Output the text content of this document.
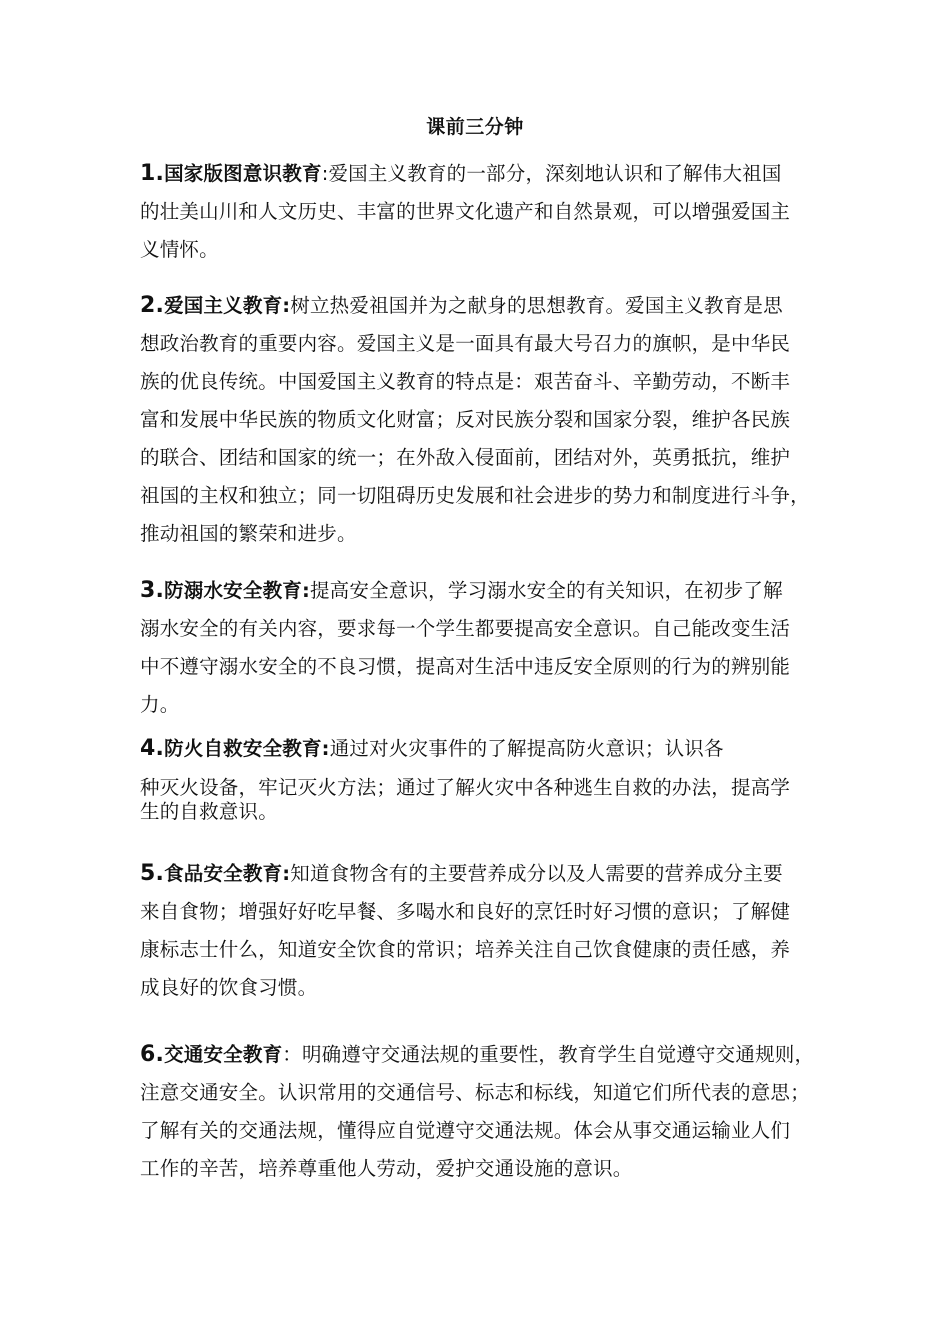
课前三分钟
1.国家版图意识教育:爱国主义教育的一部分，深刻地认识和了解伟大祖国
的壮美山川和人文历史、丰富的世界文化遗产和自然景观，可以增强爱国主
义情怀。
2.爱国主义教育:树立热爱祖国并为之献身的思想教育。爱国主义教育是思
想政治教育的重要内容。爱国主义是一面具有最大号召力的旗帜，是中华民
族的优良传统。中国爱国主义教育的特点是：艰苦奋斗、辛勤劳动，不断丰
富和发展中华民族的物质文化财富；反对民族分裂和国家分裂，维护各民族
的联合、团结和国家的统一；在外敌入侵面前，团结对外，英勇抵抗，维护
祖国的主权和独立；同一切阻碍历史发展和社会进步的势力和制度进行斗争，
推动祖国的繁荣和进步。
3.防溺水安全教育:提高安全意识，学习溺水安全的有关知识，在初步了解
溺水安全的有关内容，要求每一个学生都要提高安全意识。自己能改变生活
中不遵守溺水安全的不良习惯，提高对生活中违反安全原则的行为的辨别能
力。
4.防火自救安全教育:通过对火灾事件的了解提高防火意识；认识各
种灭火设备，牢记灭火方法；通过了解火灾中各种逃生自救的办法，提高学
生的自救意识。
5.食品安全教育:知道食物含有的主要营养成分以及人需要的营养成分主要
来自食物；增强好好吃早餐、多喝水和良好的烹饪时好习惯的意识；了解健
康标志士什么，知道安全饮食的常识；培养关注自己饮食健康的责任感，养
成良好的饮食习惯。
6.交通安全教育：明确遵守交通法规的重要性，教育学生自觉遵守交通规则，
注意交通安全。认识常用的交通信号、标志和标线，知道它们所代表的意思；
了解有关的交通法规，懂得应自觉遵守交通法规。体会从事交通运输业人们
工作的辛苦，培养尊重他人劳动，爱护交通设施的意识。
